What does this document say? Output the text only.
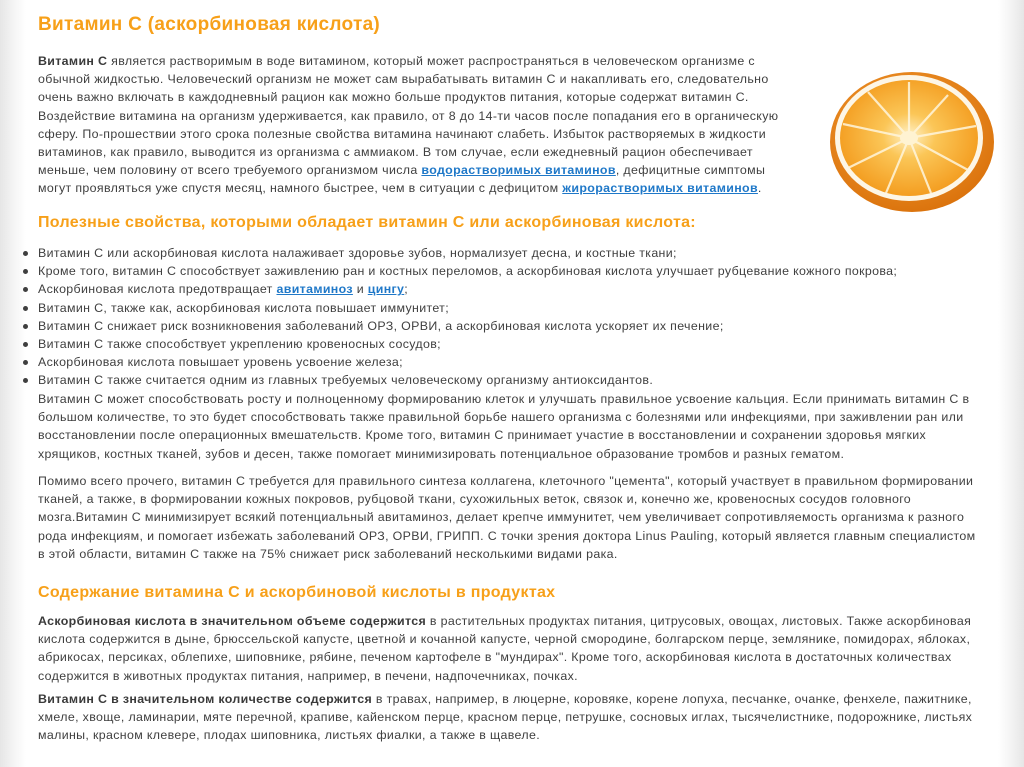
Витамин С (аскорбиновая кислота)

Витамин С является растворимым в воде витамином, который может распространяться в человеческом организме с обычной жидкостью. Человеческий организм не может сам вырабатывать витамин С и накапливать его, следовательно очень важно включать в каждодневный рацион как можно больше продуктов питания, которые содержат витамин С. Воздействие витамина на организм удерживается, как правило, от 8 до 14-ти часов после попадания его в органическую сферу. По-прошествии этого срока полезные свойства витамина начинают слабеть. Избыток растворяемых в жидкости витаминов, как правило, выводится из организма с аммиаком. В том случае, если ежедневный рацион обеспечивает меньше, чем половину от всего требуемого организмом числа водорастворимых витаминов, дефицитные симптомы могут проявляться уже спустя месяц, намного быстрее, чем в ситуации с дефицитом жирорастворимых витаминов.

Полезные свойства, которыми обладает витамин С или аскорбиновая кислота:
Витамин С или аскорбиновая кислота налаживает здоровье зубов, нормализует десна, и костные ткани;
Кроме того, витамин С способствует заживлению ран и костных переломов, а аскорбиновая кислота улучшает рубцевание кожного покрова;
Аскорбиновая кислота предотвращает авитаминоз и цингу;
Витамин С, также как, аскорбиновая кислота повышает иммунитет;
Витамин С снижает риск возникновения заболеваний ОРЗ, ОРВИ, а аскорбиновая кислота ускоряет их печение;
Витамин С также способствует укреплению кровеносных сосудов;
Аскорбиновая кислота повышает уровень усвоение железа;
Витамин С также считается одним из главных требуемых человеческому организму антиоксидантов.

Витамин С может способствовать росту и полноценному формированию клеток и улучшать правильное усвоение кальция. Если принимать витамин С в большом количестве, то это будет способствовать также правильной борьбе нашего организма с болезнями или инфекциями, при заживлении ран или восстановлении после операционных вмешательств. Кроме того, витамин С принимает участие в восстановлении и сохранении здоровья мягких хрящиков, костных тканей, зубов и десен, также помогает минимизировать потенциальное образование тромбов и разных гематом.

Помимо всего прочего, витамин С требуется для правильного синтеза коллагена, клеточного "цемента", который участвует в правильном формировании тканей, а также, в формировании кожных покровов, рубцовой ткани, сухожильных веток, связок и, конечно же, кровеносных сосудов головного мозга.Витамин С минимизирует всякий потенциальный авитаминоз, делает крепче иммунитет, чем увеличивает сопротивляемость организма к разного рода инфекциям, и помогает избежать заболеваний ОРЗ, ОРВИ, ГРИПП. С точки зрения доктора Linus Pauling, который является главным специалистом в этой области, витамин С также на 75% снижает риск заболеваний несколькими видами рака.

Содержание витамина С и аскорбиновой кислоты в продуктах

Аскорбиновая кислота в значительном объеме содержится в растительных продуктах питания, цитрусовых, овощах, листовых. Также аскорбиновая кислота содержится в дыне, брюссельской капусте, цветной и кочанной капусте, черной смородине, болгарском перце, землянике, помидорах, яблоках, абрикосах, персиках, облепихе, шиповнике, рябине, печеном картофеле в "мундирах". Кроме того, аскорбиновая кислота в достаточных количествах содержится в животных продуктах питания, например, в печени, надпочечниках, почках.

Витамин С в значительном количестве содержится в травах, например, в люцерне, коровяке, корене лопуха, песчанке, очанке, фенхеле, пажитнике, хмеле, хвоще, ламинарии, мяте перечной, крапиве, кайенском перце, красном перце, петрушке, сосновых иглах, тысячелистнике, подорожнике, листьях малины, красном клевере, плодах шиповника, листьях фиалки, а также в щавеле.
